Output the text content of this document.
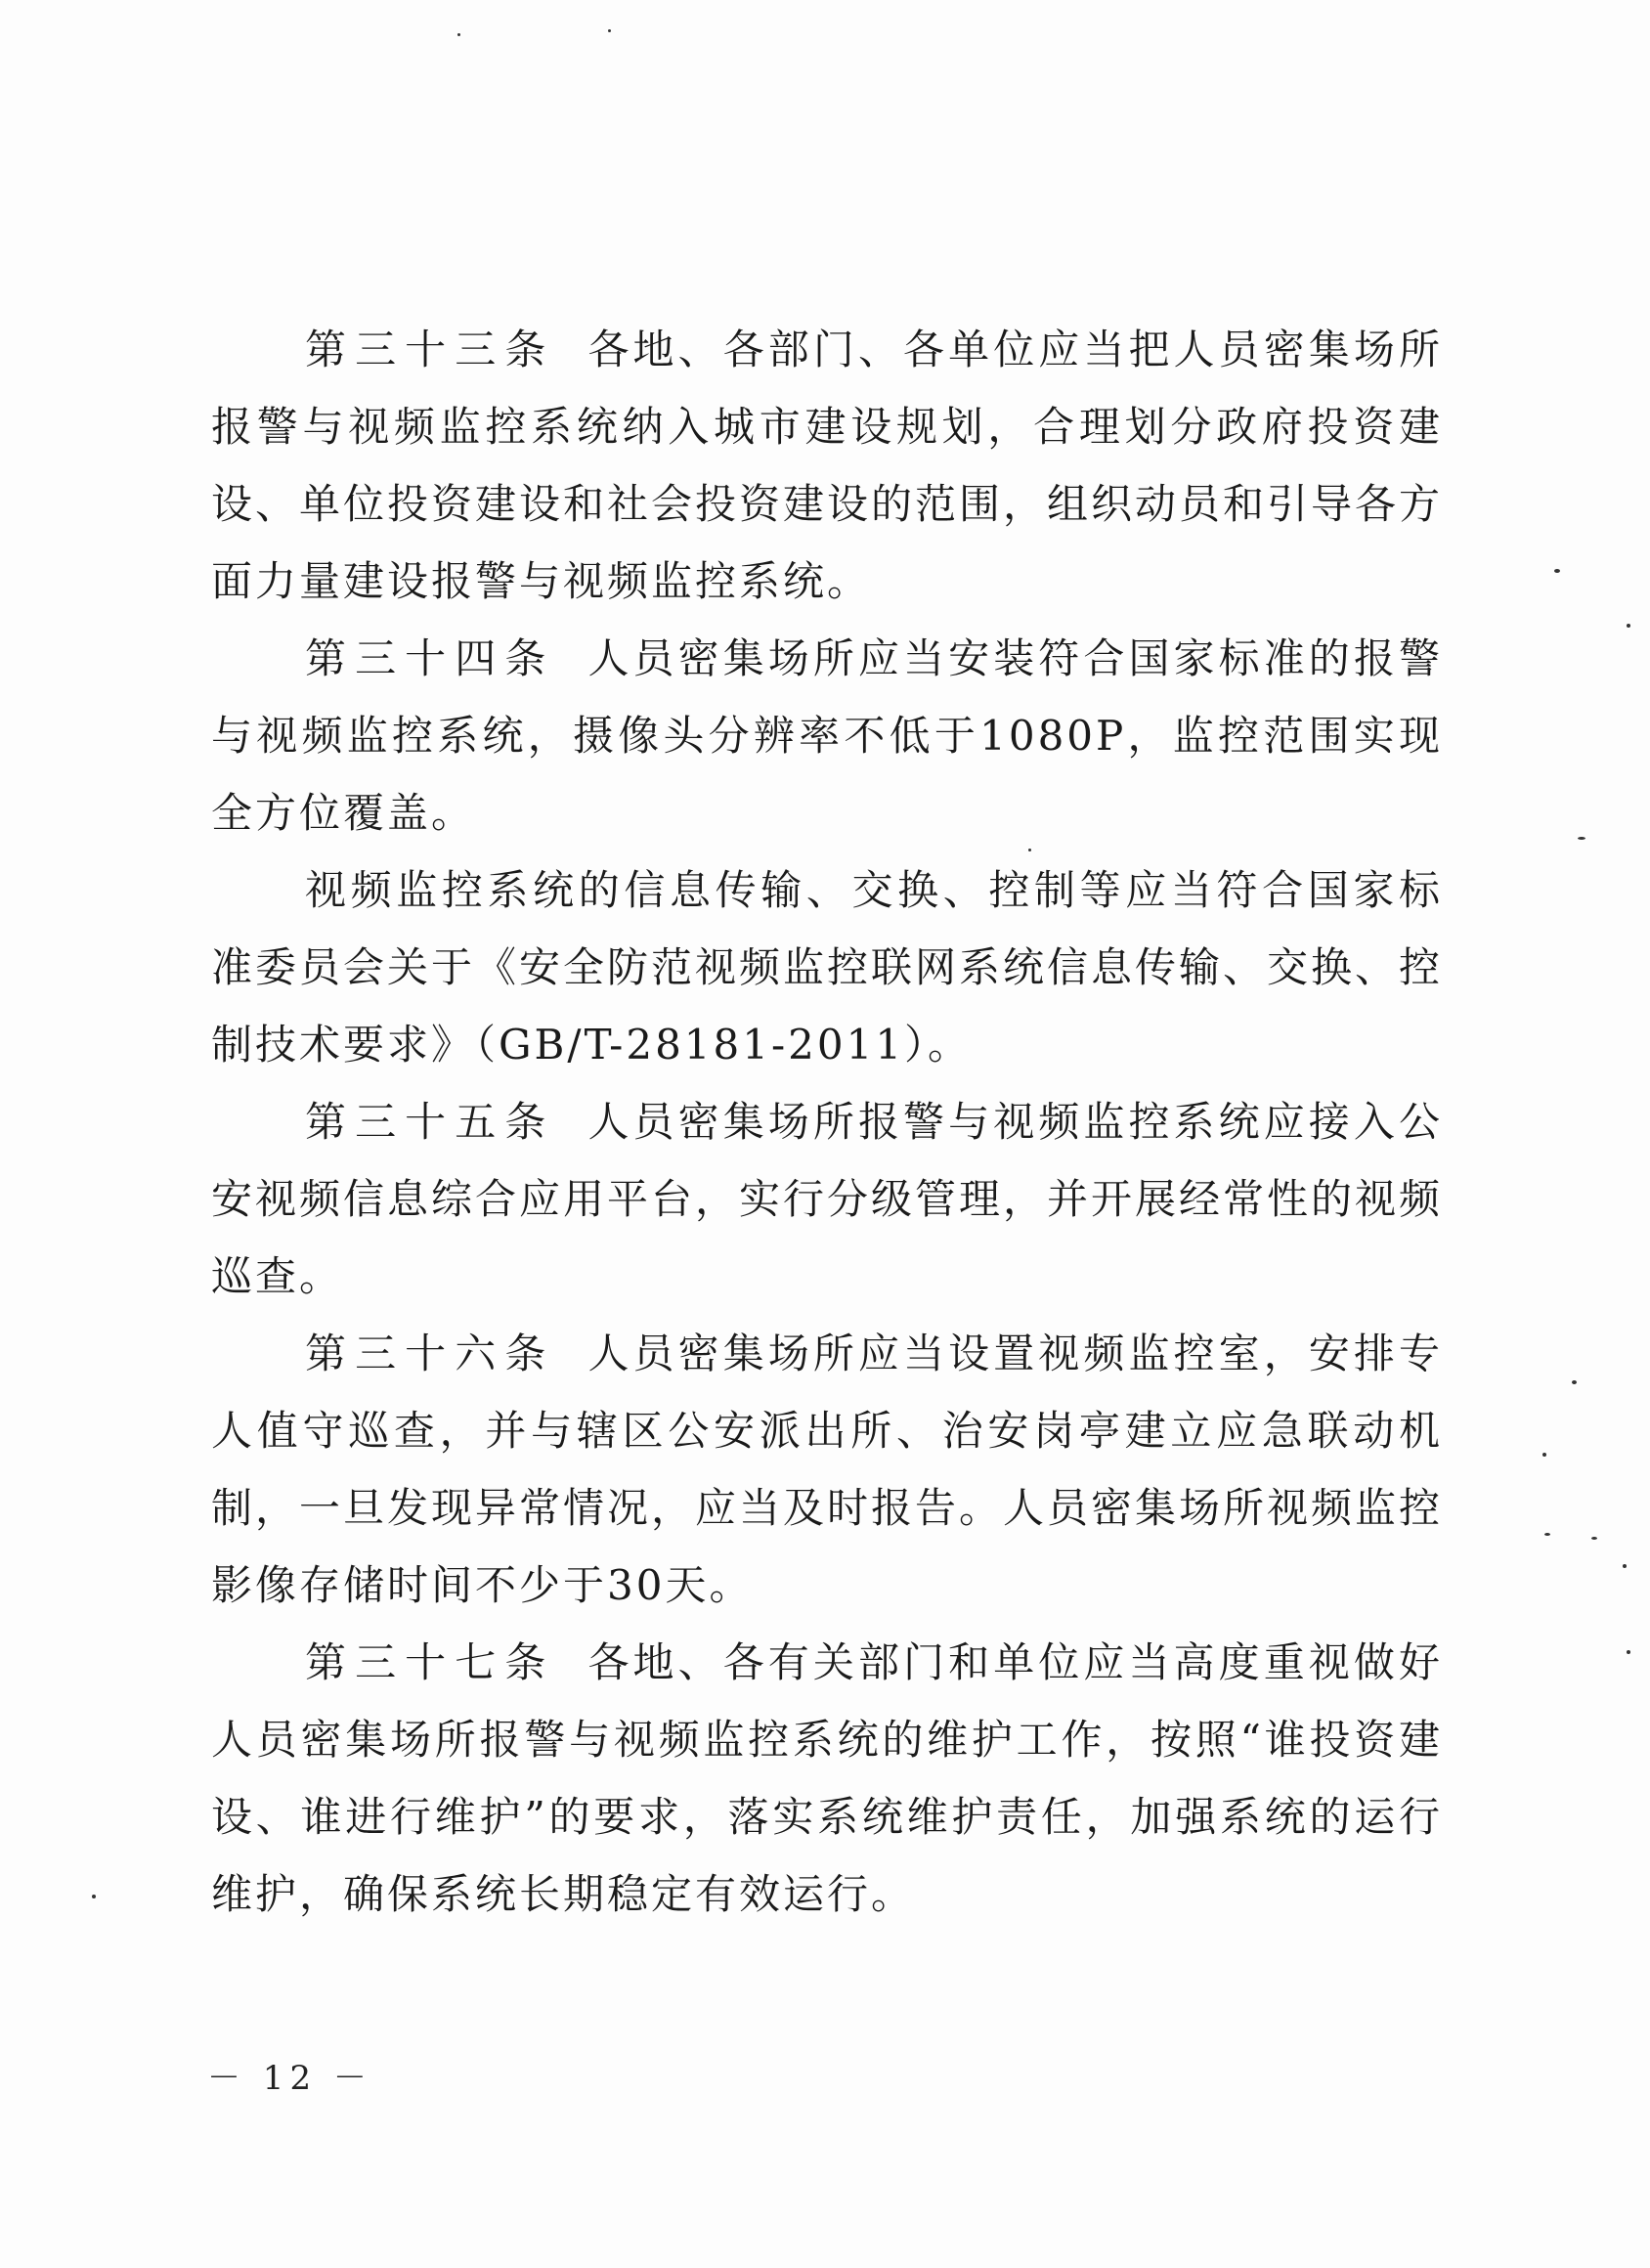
第三十三条 各地、各部门、各单位应当把人员密集场所报警与视频监控系统纳入城市建设规划，合理划分政府投资建设、单位投资建设和社会投资建设的范围，组织动员和引导各方面力量建设报警与视频监控系统。

第三十四条 人员密集场所应当安装符合国家标准的报警与视频监控系统，摄像头分辨率不低于1080P，监控范围实现全方位覆盖。

视频监控系统的信息传输、交换、控制等应当符合国家标准委员会关于《安全防范视频监控联网系统信息传输、交换、控制技术要求》（GB/T-28181-2011）。

第三十五条 人员密集场所报警与视频监控系统应接入公安视频信息综合应用平台，实行分级管理，并开展经常性的视频巡查。

第三十六条 人员密集场所应当设置视频监控室，安排专人值守巡查，并与辖区公安派出所、治安岗亭建立应急联动机制，一旦发现异常情况，应当及时报告。人员密集场所视频监控影像存储时间不少于30天。

第三十七条 各地、各有关部门和单位应当高度重视做好人员密集场所报警与视频监控系统的维护工作，按照“谁投资建设、谁进行维护”的要求，落实系统维护责任，加强系统的运行维护，确保系统长期稳定有效运行。

－ 12 －
